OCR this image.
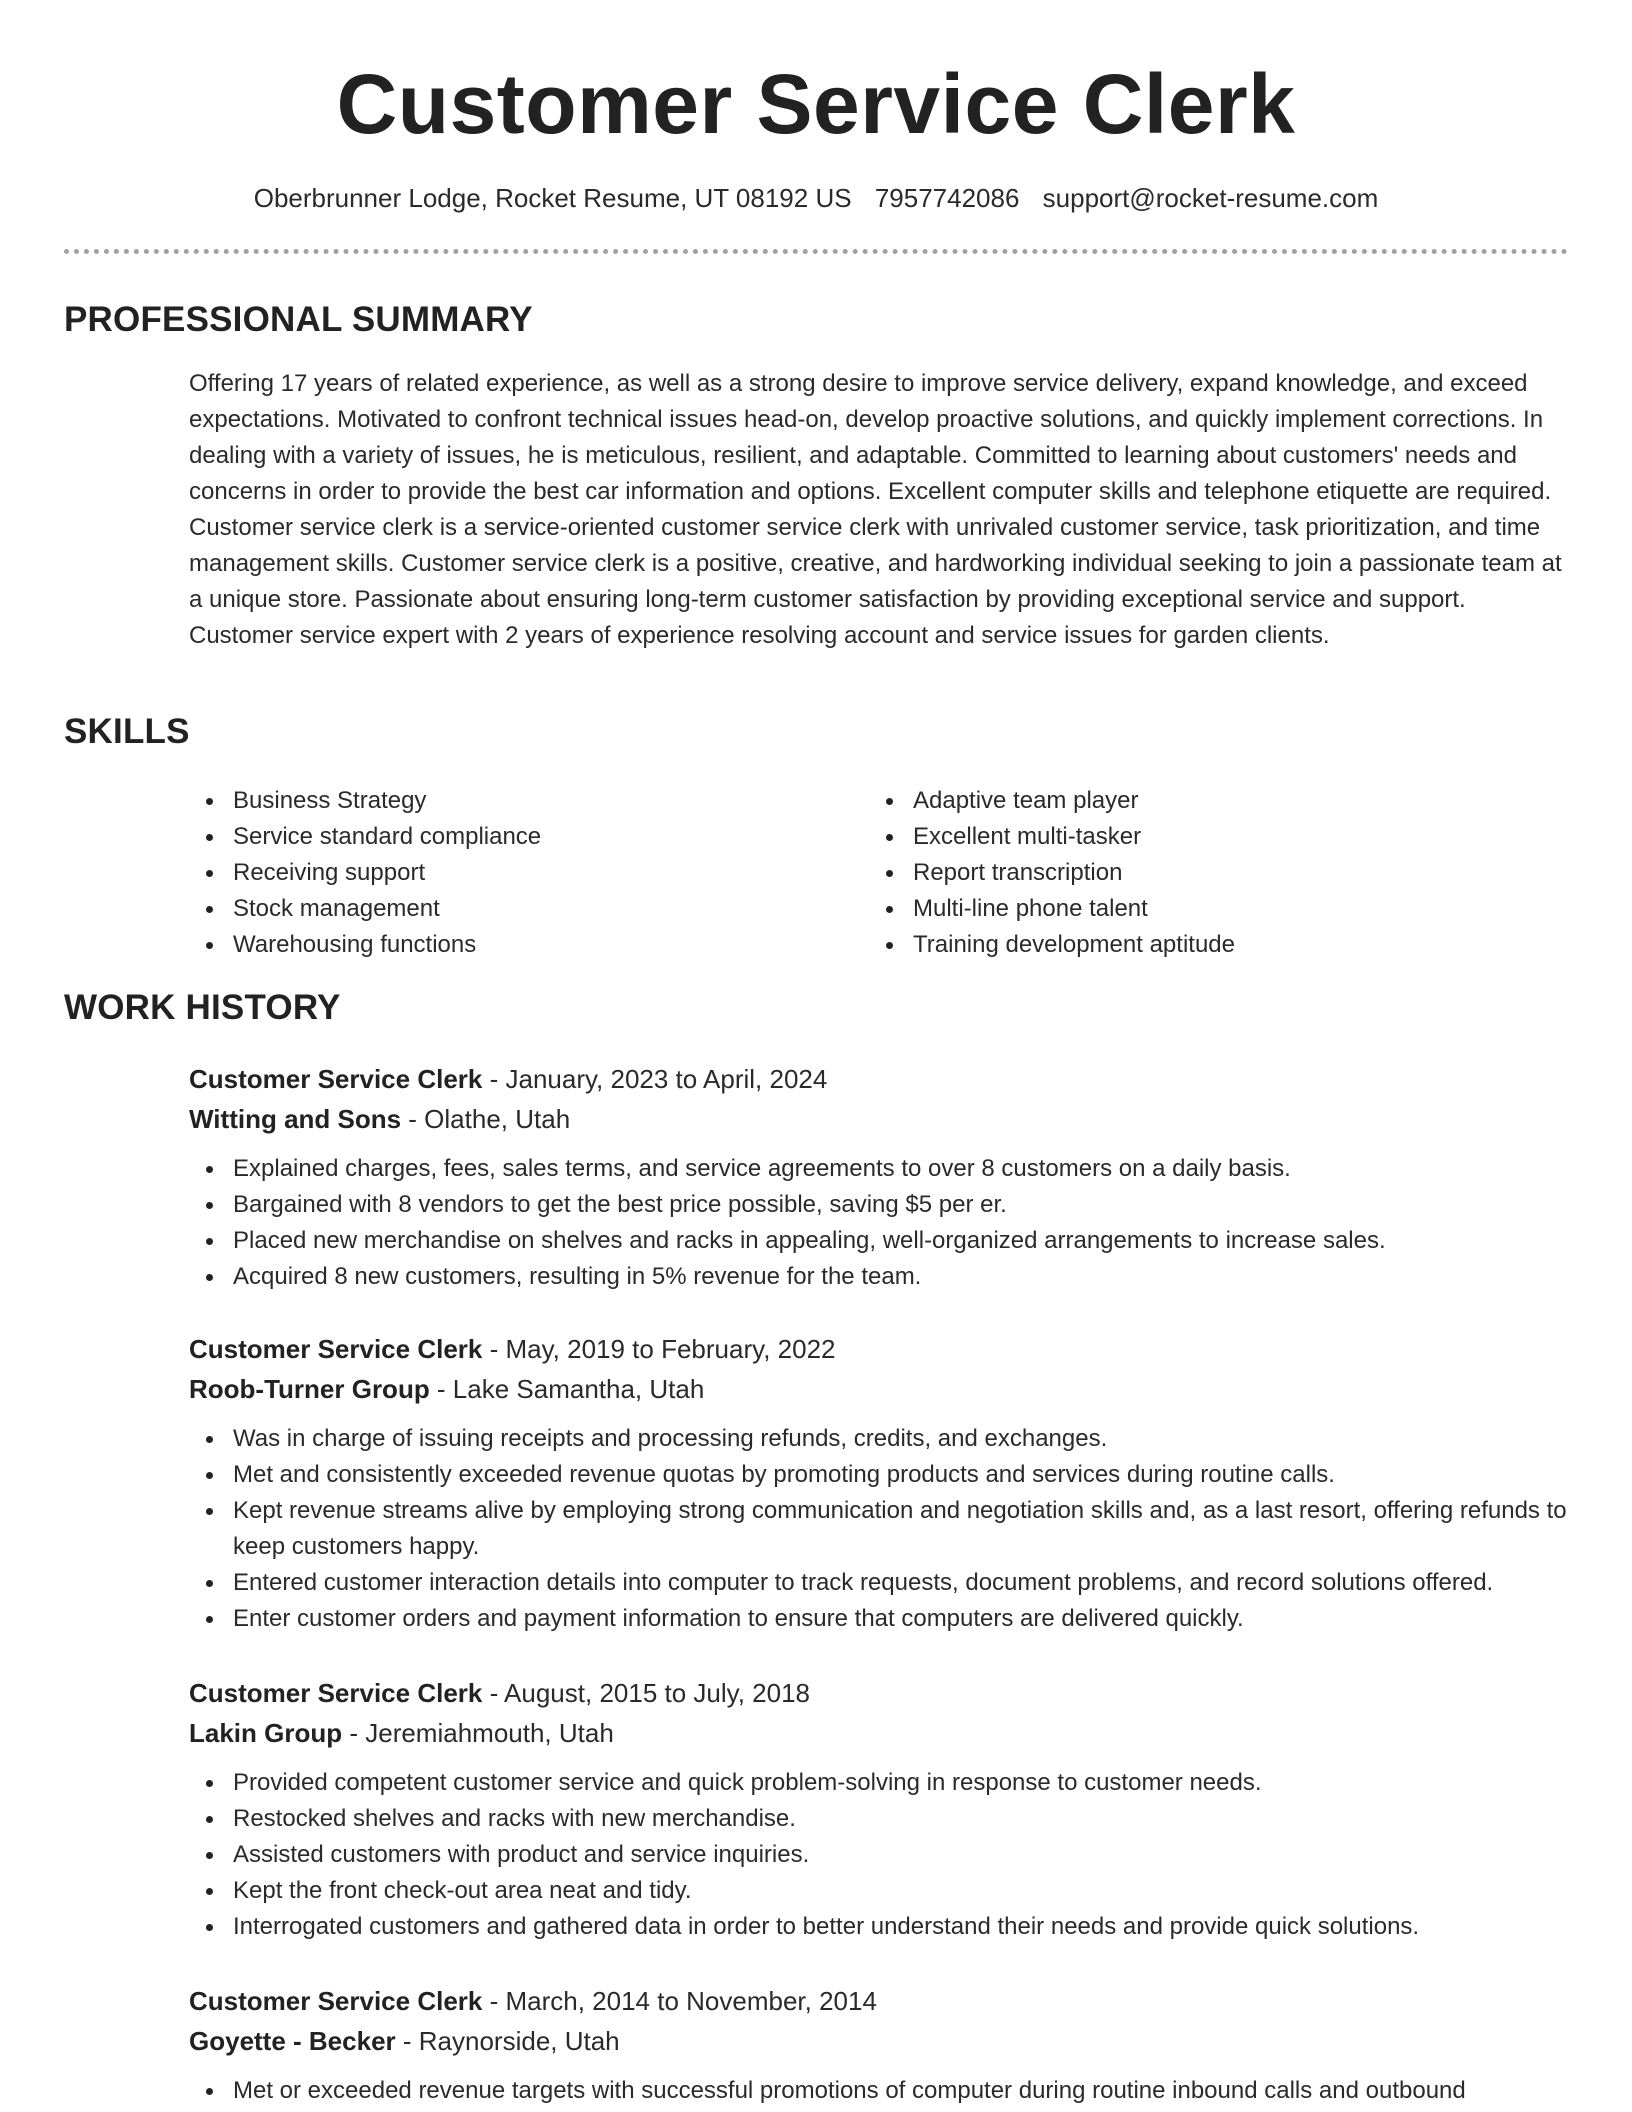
Customer Service Clerk
Oberbrunner Lodge, Rocket Resume, UT 08192 US 7957742086 support@rocket-resume.com
PROFESSIONAL SUMMARY

Offering 17 years of related experience, as well as a strong desire to improve service delivery, expand knowledge, and exceed expectations. Motivated to confront technical issues head-on, develop proactive solutions, and quickly implement corrections. In dealing with a variety of issues, he is meticulous, resilient, and adaptable. Committed to learning about customers' needs and concerns in order to provide the best car information and options. Excellent computer skills and telephone etiquette are required. Customer service clerk is a service-oriented customer service clerk with unrivaled customer service, task prioritization, and time management skills. Customer service clerk is a positive, creative, and hardworking individual seeking to join a passionate team at a unique store. Passionate about ensuring long-term customer satisfaction by providing exceptional service and support. Customer service expert with 2 years of experience resolving account and service issues for garden clients.

SKILLS
Business Strategy
Service standard compliance
Receiving support
Stock management
Warehousing functions
Adaptive team player
Excellent multi-tasker
Report transcription
Multi-line phone talent
Training development aptitude
WORK HISTORY
Customer Service Clerk - January, 2023 to April, 2024
Witting and Sons - Olathe, Utah
Explained charges, fees, sales terms, and service agreements to over 8 customers on a daily basis.
Bargained with 8 vendors to get the best price possible, saving $5 per er.
Placed new merchandise on shelves and racks in appealing, well-organized arrangements to increase sales.
Acquired 8 new customers, resulting in 5% revenue for the team.
Customer Service Clerk - May, 2019 to February, 2022
Roob-Turner Group - Lake Samantha, Utah
Was in charge of issuing receipts and processing refunds, credits, and exchanges.
Met and consistently exceeded revenue quotas by promoting products and services during routine calls.
Kept revenue streams alive by employing strong communication and negotiation skills and, as a last resort, offering refunds to keep customers happy.
Entered customer interaction details into computer to track requests, document problems, and record solutions offered.
Enter customer orders and payment information to ensure that computers are delivered quickly.
Customer Service Clerk - August, 2015 to July, 2018
Lakin Group - Jeremiahmouth, Utah
Provided competent customer service and quick problem-solving in response to customer needs.
Restocked shelves and racks with new merchandise.
Assisted customers with product and service inquiries.
Kept the front check-out area neat and tidy.
Interrogated customers and gathered data in order to better understand their needs and provide quick solutions.
Customer Service Clerk - March, 2014 to November, 2014
Goyette - Becker - Raynorside, Utah
Met or exceeded revenue targets with successful promotions of computer during routine inbound calls and outbound
